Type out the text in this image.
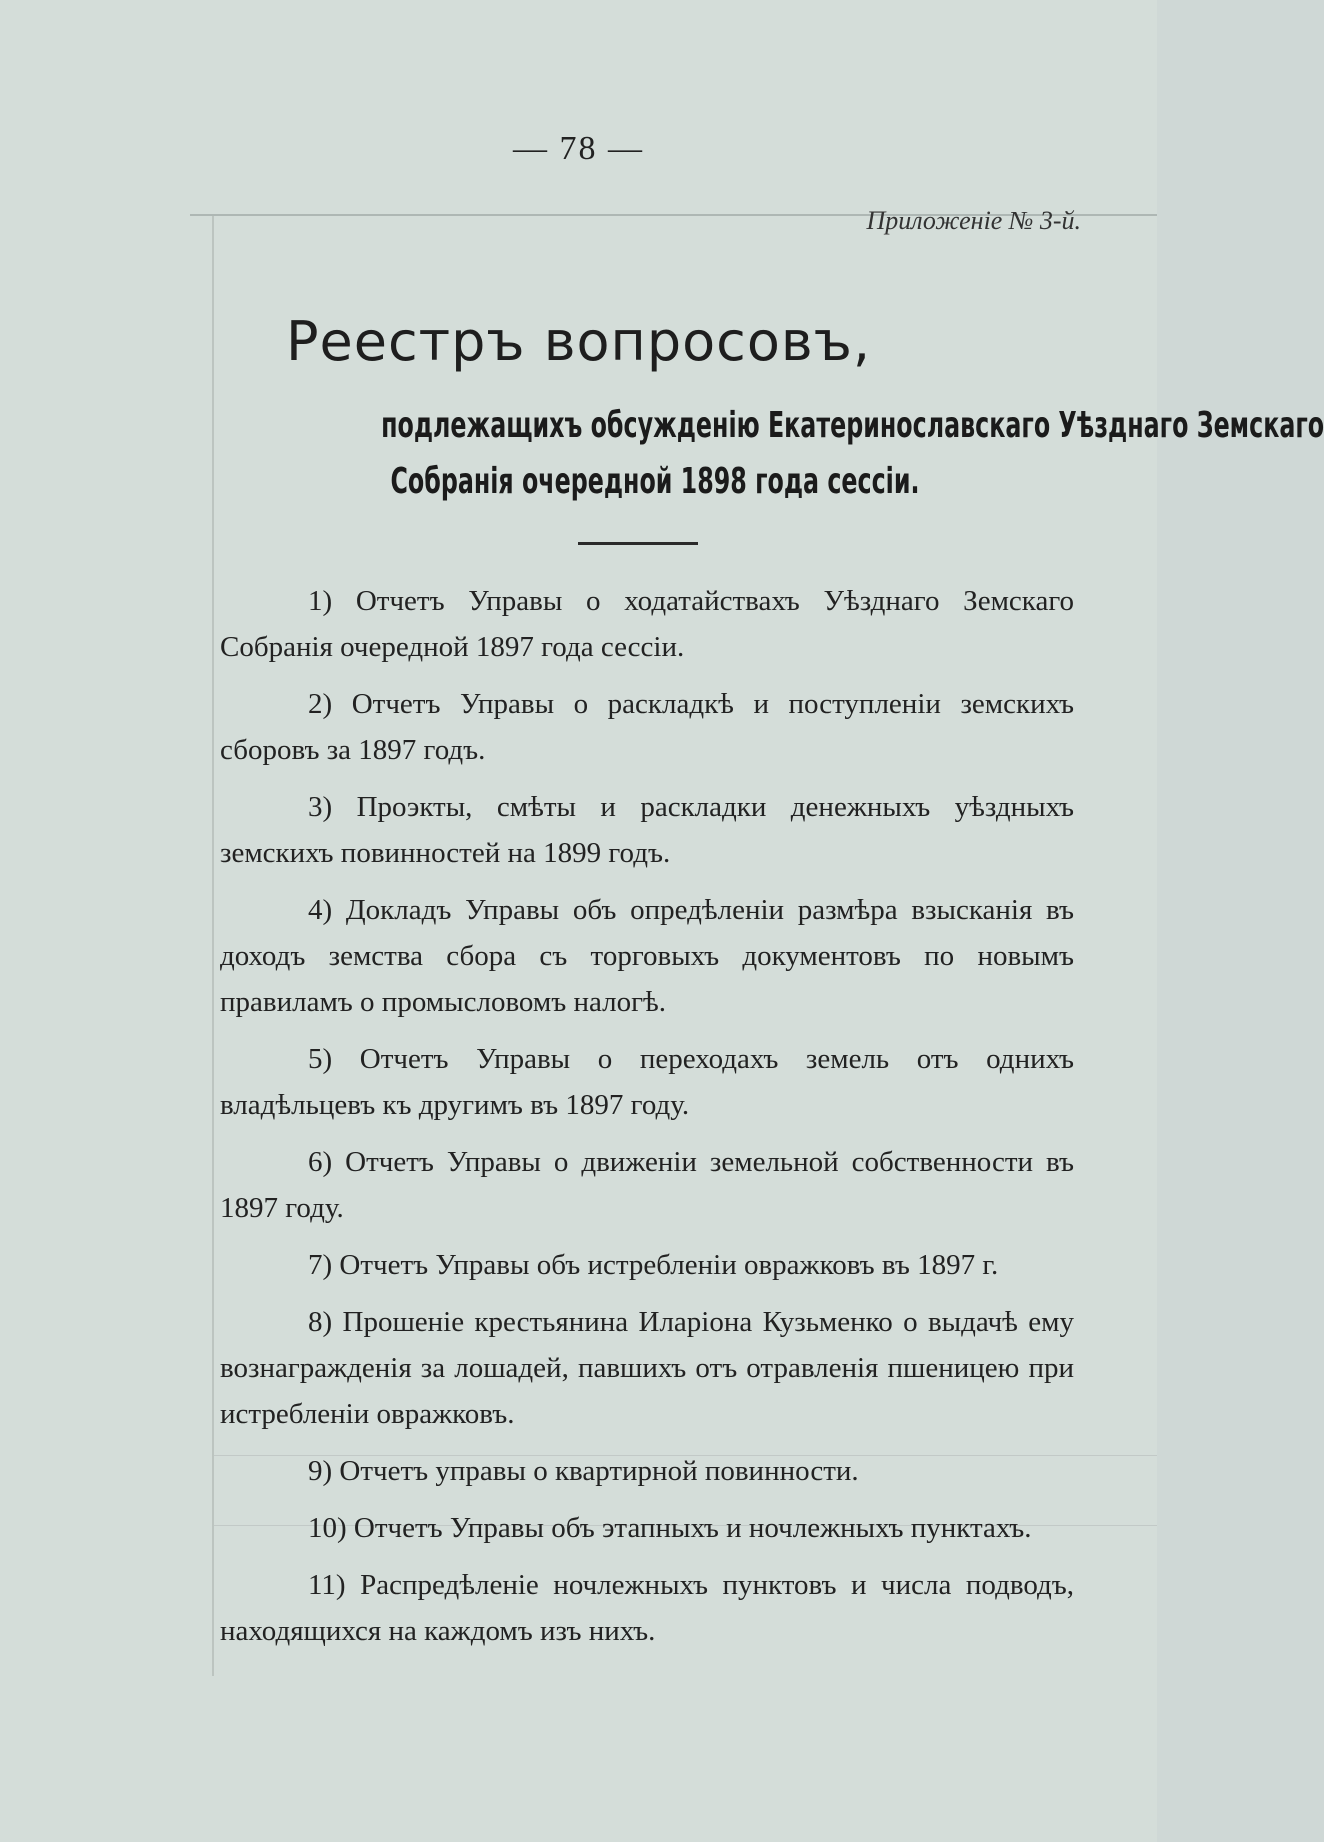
— 78 —
Приложеніе № 3-й.
Реестръ вопросовъ,
подлежащихъ обсужденію Екатеринославскаго Уѣзднаго Земскаго
Собранія очередной 1898 года сессіи.
1) Отчетъ Управы о ходатайствахъ Уѣзднаго Земскаго Собранія очередной 1897 года сессіи.
2) Отчетъ Управы о раскладкѣ и поступленіи земскихъ сборовъ за 1897 годъ.
3) Проэкты, смѣты и раскладки денежныхъ уѣздныхъ земскихъ повинностей на 1899 годъ.
4) Докладъ Управы объ опредѣленіи размѣра взысканія въ доходъ земства сбора съ торговыхъ документовъ по новымъ правиламъ о промысловомъ налогѣ.
5) Отчетъ Управы о переходахъ земель отъ однихъ владѣльцевъ къ другимъ въ 1897 году.
6) Отчетъ Управы о движеніи земельной собственности въ 1897 году.
7) Отчетъ Управы объ истребленіи овражковъ въ 1897 г.
8) Прошеніе крестьянина Иларіона Кузьменко о выдачѣ ему вознагражденія за лошадей, павшихъ отъ отравленія пшеницею при истребленіи овражковъ.
9) Отчетъ управы о квартирной повинности.
10) Отчетъ Управы объ этапныхъ и ночлежныхъ пунктахъ.
11) Распредѣленіе ночлежныхъ пунктовъ и числа подводъ, находящихся на каждомъ изъ нихъ.
